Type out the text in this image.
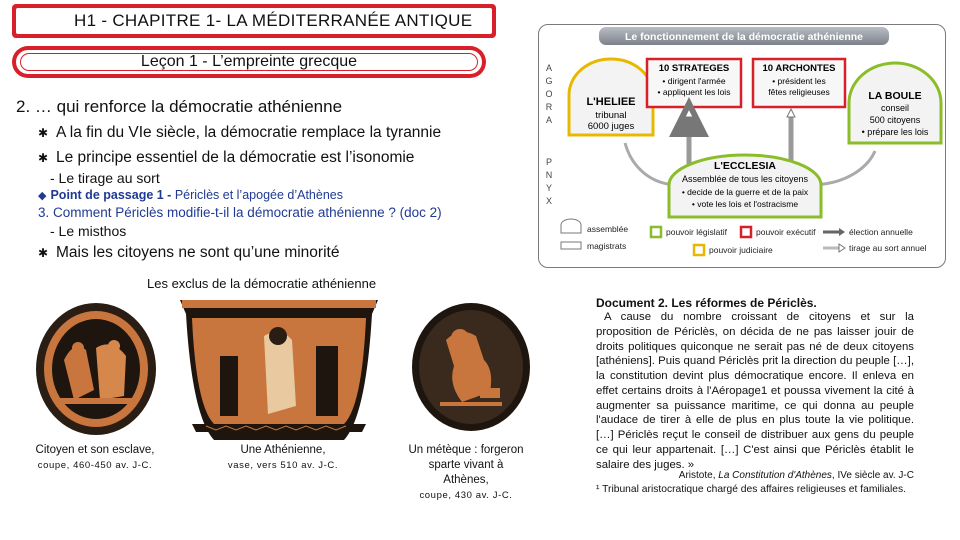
H1 - CHAPITRE 1- LA MÉDITERRANÉE ANTIQUE
Leçon 1 - L’empreinte grecque
2. … qui renforce la démocratie athénienne
✱ A la fin du VIe siècle, la démocratie remplace la tyrannie
✱ Le principe essentiel de la démocratie est l’isonomie
- Le tirage au sort
◆ Point de passage 1 - Périclès et l’apogée d’Athènes
3. Comment Périclès modifie-t-il la démocratie athénienne ? (doc 2)
- Le misthos
✱ Mais les citoyens ne sont qu’une minorité
Le fonctionnement de la démocratie athénienne
A
G
O
R
A
P
N
Y
X
L'HELIEE
tribunal
6000 juges
10 STRATEGES
• dirigent l'armée
• appliquent les lois
10 ARCHONTES
• président les
fêtes religieuses	LA BOULE
conseil
500 citoyens
• prépare les lois
L'ECCLESIA
Assemblée de tous les citoyens
• decide de la guerre et de la paix
• vote les lois et l'ostracisme
assemblée
magistrats
pouvoir législatif	pouvoir exécutif
pouvoir judiciaire
élection annuelle
tirage au sort annuel
Les exclus de la démocratie athénienne
Citoyen et son esclave,
coupe, 460-450 av. J-C.
Une Athénienne,
vase, vers 510 av. J-C.
Un métèque : forgeron
sparte vivant à
Athènes,
coupe, 430 av. J-C.
Document 2. Les réformes de Périclès.
A cause du nombre croissant de citoyens et sur la proposition de Périclès, on décida de ne pas laisser jouir de droits politiques quiconque ne serait pas né de deux citoyens [athéniens]. Puis quand Périclès prit la direction du peuple […], la constitution devint plus démocratique encore. Il enleva en effet certains droits à l'Aéropage1 et poussa vivement la cité à augmenter sa puissance maritime, ce qui donna au peuple l'audace de tirer à elle de plus en plus toute la vie politique. […] Périclès reçut le conseil de distribuer aux gens du peuple ce qui leur appartenait. […] C'est ainsi que Périclès établit le salaire des juges. »
Aristote, La Constitution d'Athènes, IVe siècle av. J-C
¹ Tribunal aristocratique chargé des affaires religieuses et familiales.
